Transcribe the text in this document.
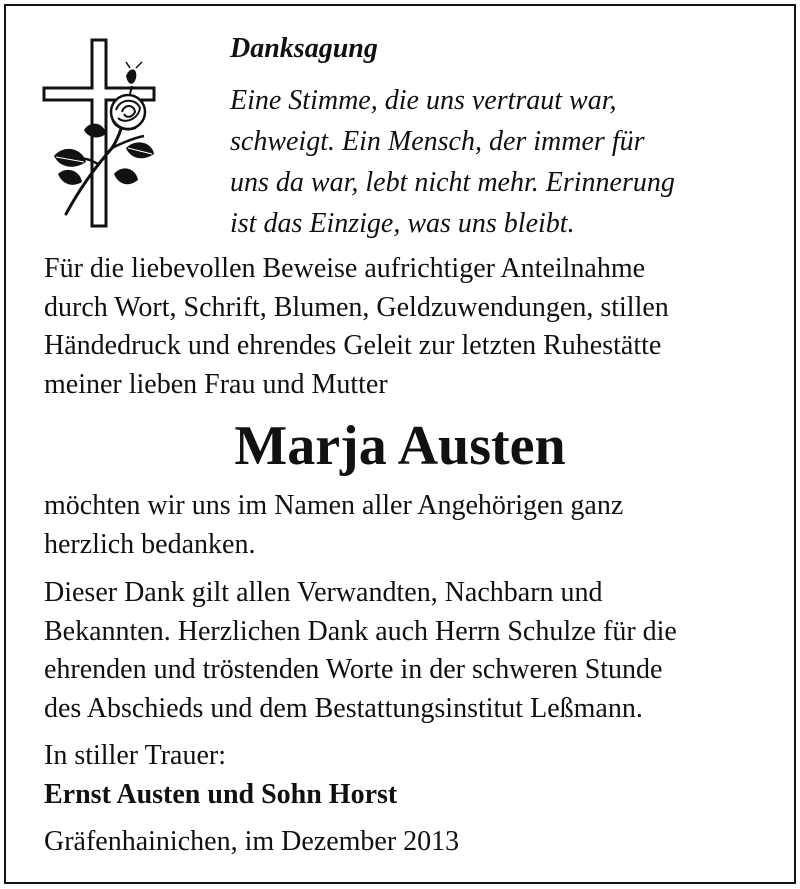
Danksagung
Eine Stimme, die uns vertraut war,
schweigt. Ein Mensch, der immer für
uns da war, lebt nicht mehr. Erinnerung
ist das Einzige, was uns bleibt.
Für die liebevollen Beweise aufrichtiger Anteilnahme
durch Wort, Schrift, Blumen, Geldzuwendungen, stillen
Händedruck und ehrendes Geleit zur letzten Ruhestätte
meiner lieben Frau und Mutter
Marja Austen
möchten wir uns im Namen aller Angehörigen ganz
herzlich bedanken.
Dieser Dank gilt allen Verwandten, Nachbarn und
Bekannten. Herzlichen Dank auch Herrn Schulze für die
ehrenden und tröstenden Worte in der schweren Stunde
des Abschieds und dem Bestattungsinstitut Leßmann.
In stiller Trauer:
Ernst Austen und Sohn Horst
Gräfenhainichen, im Dezember 2013
